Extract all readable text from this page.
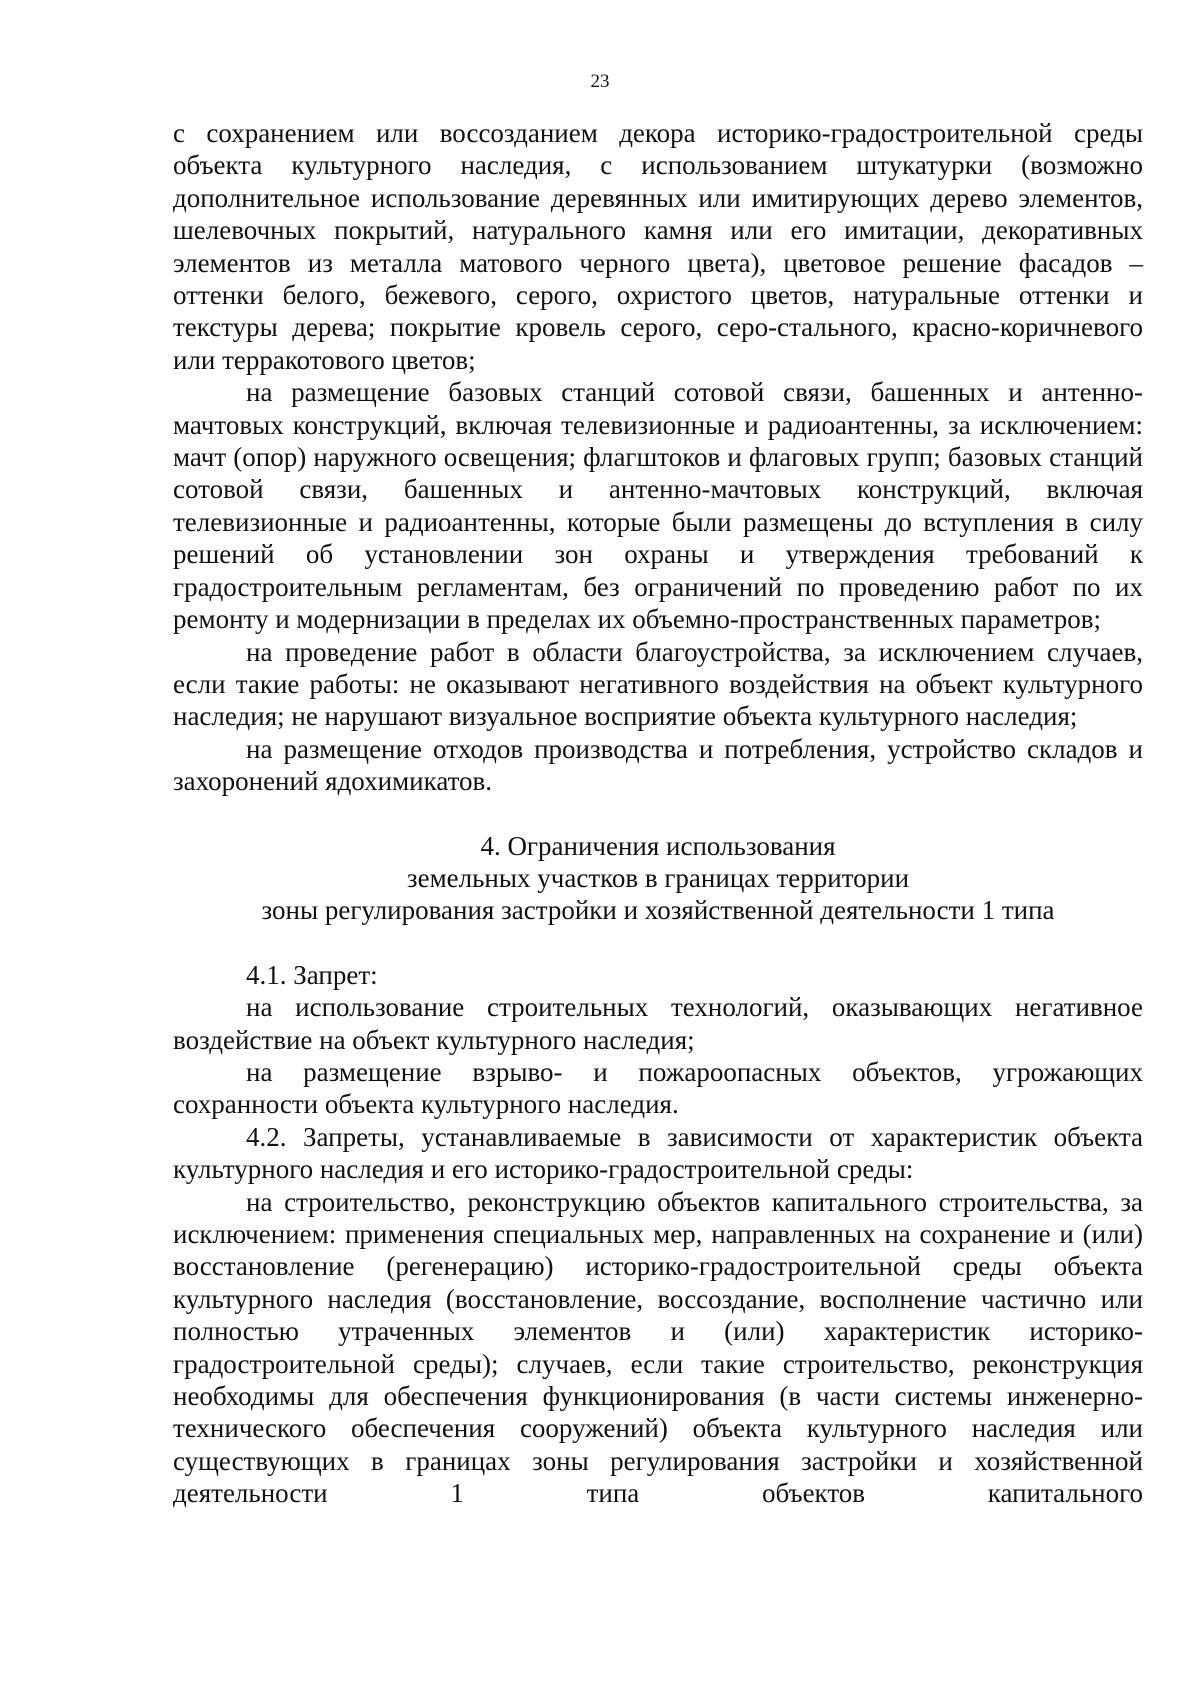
23

с сохранением или воссозданием декора историко-градостроительной среды объекта культурного наследия, с использованием штукатурки (возможно дополнительное использование деревянных или имитирующих дерево элементов, шелевочных покрытий, натурального камня или его имитации, декоративных элементов из металла матового черного цвета), цветовое решение фасадов – оттенки белого, бежевого, серого, охристого цветов, натуральные оттенки и текстуры дерева; покрытие кровель серого, серо-стального, красно-коричневого или терракотового цветов;

на размещение базовых станций сотовой связи, башенных и антенно-мачтовых конструкций, включая телевизионные и радиоантенны, за исключением: мачт (опор) наружного освещения; флагштоков и флаговых групп; базовых станций сотовой связи, башенных и антенно-мачтовых конструкций, включая телевизионные и радиоантенны, которые были размещены до вступления в силу решений об установлении зон охраны и утверждения требований к градостроительным регламентам, без ограничений по проведению работ по их ремонту и модернизации в пределах их объемно-пространственных параметров;

на проведение работ в области благоустройства, за исключением случаев, если такие работы: не оказывают негативного воздействия на объект культурного наследия; не нарушают визуальное восприятие объекта культурного наследия;

на размещение отходов производства и потребления, устройство складов и захоронений ядохимикатов.

4. Ограничения использования
земельных участков в границах территории
зоны регулирования застройки и хозяйственной деятельности 1 типа

4.1. Запрет:

на использование строительных технологий, оказывающих негативное воздействие на объект культурного наследия;

на размещение взрыво- и пожароопасных объектов, угрожающих сохранности объекта культурного наследия.

4.2. Запреты, устанавливаемые в зависимости от характеристик объекта культурного наследия и его историко-градостроительной среды:

на строительство, реконструкцию объектов капитального строительства, за исключением: применения специальных мер, направленных на сохранение и (или) восстановление (регенерацию) историко-градостроительной среды объекта культурного наследия (восстановление, воссоздание, восполнение частично или полностью утраченных элементов и (или) характеристик историко-градостроительной среды); случаев, если такие строительство, реконструкция необходимы для обеспечения функционирования (в части системы инженерно-технического обеспечения сооружений) объекта культурного наследия или существующих в границах зоны регулирования застройки и хозяйственной деятельности 1 типа объектов капитального
